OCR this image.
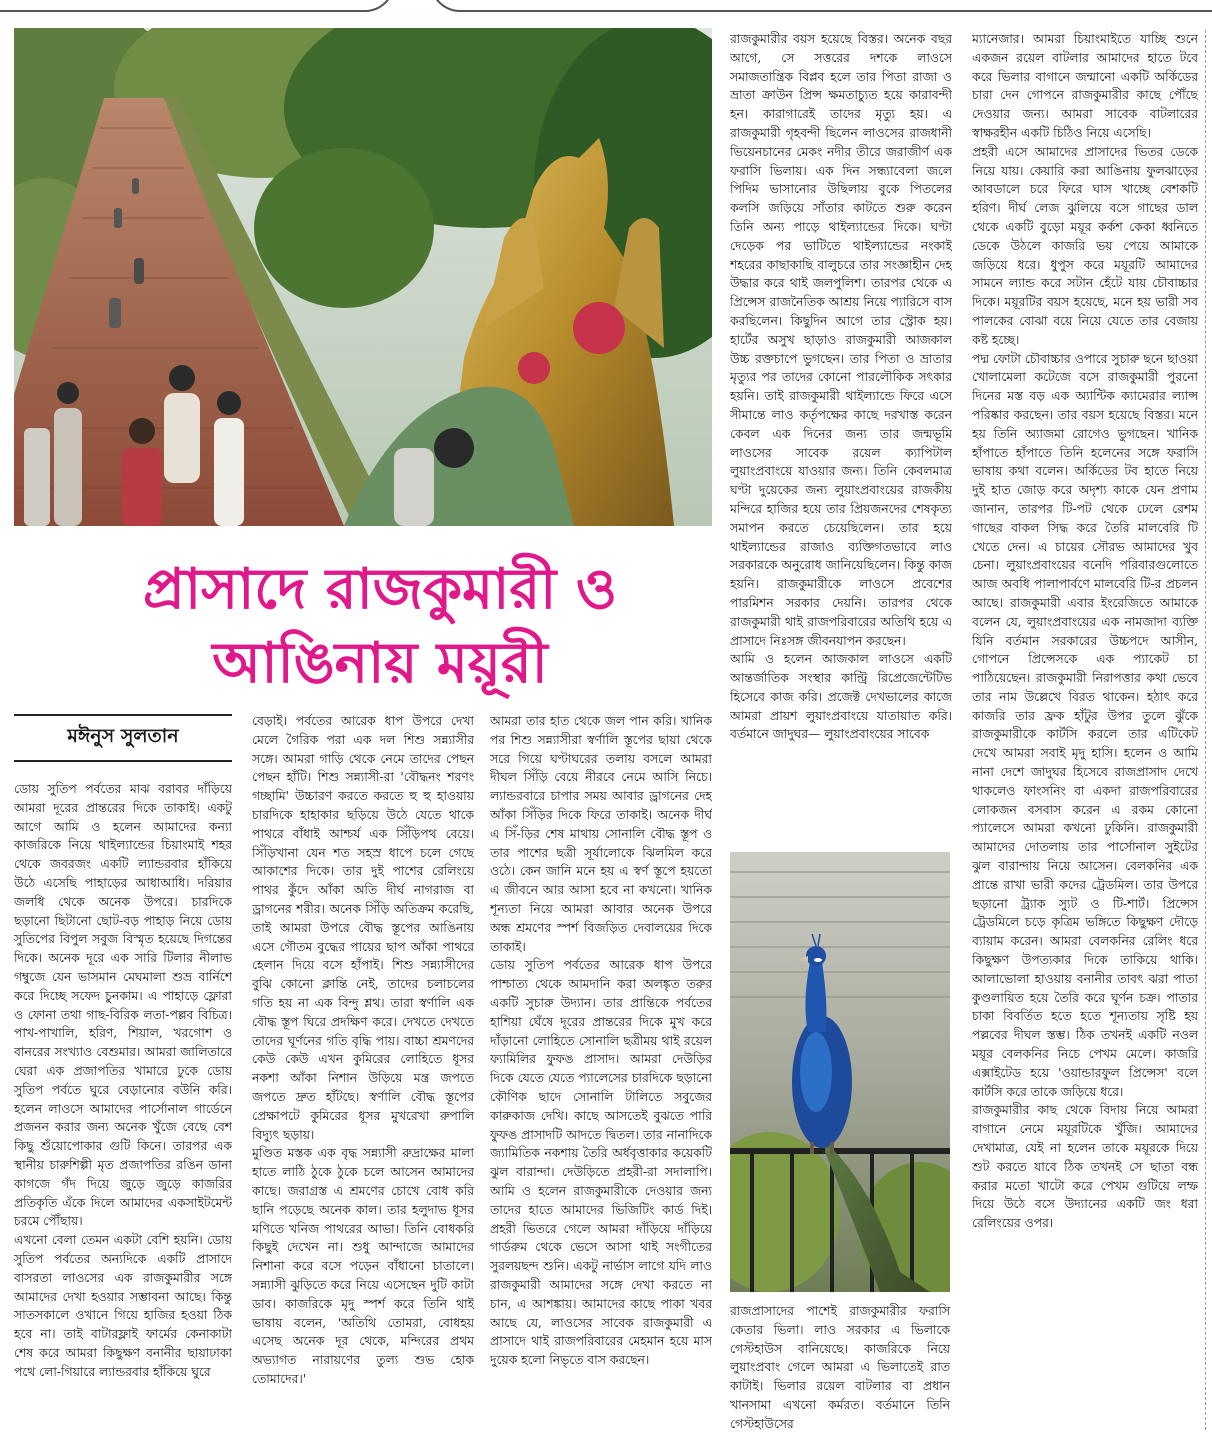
প্রাসাদে রাজকুমারী ও
আঙিনায় ময়ূরী
মঈনুস সুলতান

ডোয় সুতিপ পর্বতের মাঝ বরাবর দাঁড়িয়ে আমরা দূরের প্রান্তরের দিকে তাকাই। একটু আগে আমি ও হলেন আমাদের কন্যা কাজরিকে নিয়ে থাইল্যান্ডের চিয়াংমাই শহর থেকে জবরজং একটি ল্যান্ডরবার হাঁকিয়ে উঠে এসেছি পাহাড়ের আধাআধি। দরিয়ার জলধি থেকে অনেক উপরে। চারদিকে ছড়ানো ছিটানো ছোট-বড় পাহাড় নিয়ে ডোয় সুতিপের বিপুল সবুজ বিস্মৃত হয়েছে দিগন্তের দিকে। অনেক দূরে এক সারি টিলার নীলাভ গম্বুজে যেন ভাসমান মেঘমালা শুভ্র বার্নিশে করে দিচ্ছে সফেদ চুনকাম। এ পাহাড়ে ফ্লোরা ও ফোনা তথা গাছ-বিরিক লতা-পল্লব বিচিত্র। পাখ-পাখালি, হরিণ, শিয়াল, খরগোশ ও বানরের সংখ্যাও বেশুমার। আমরা জালিতারে ঘেরা এক প্রজাপতির খামারে ঢুকে ডোয় সুতিপ পর্বতে ঘুরে বেড়ানোর বউনি করি। হলেন লাওসে আমাদের পার্সোনাল গার্ডেনে প্রজনন করার জন্য অনেক খুঁজে বেছে বেশ কিছু শুঁয়োপোকার গুটি কিনে। তারপর এক স্থানীয় চারুশিল্পী মৃত প্রজাপতির রঙিন ডানা কাগজে গঁদ দিয়ে জুড়ে জুড়ে কাজরির প্রতিকৃতি এঁকে দিলে আমাদের একসাইটমেন্ট চরমে পৌঁছায়।

এখনো বেলা তেমন একটা বেশি হয়নি। ডোয় সুতিপ পর্বতের অন্যদিকে একটি প্রাসাদে বাসরতা লাওসের এক রাজকুমারীর সঙ্গে আমাদের দেখা হওয়ার সম্ভাবনা আছে। কিন্তু সাতসকালে ওখানে গিয়ে হাজির হওয়া ঠিক হবে না। তাই বাটারফ্লাই ফার্মের কেনাকাটা শেষ করে আমরা কিছুক্ষণ বনানীর ছায়াঢাকা পথে লো-গিয়ারে ল্যান্ডরবার হাঁকিয়ে ঘুরে

বেড়াই। পর্বতের আরেক ধাপ উপরে দেখা মেলে গৈরিক পরা এক দল শিশু সন্ন্যাসীর সঙ্গে। আমরা গাড়ি থেকে নেমে তাদের পেছন পেছন হাঁটি। শিশু সন্ন্যাসী-রা 'বৌদ্ধনং শরণং গচ্ছামি' উচ্চারণ করতে করতে হু হু হাওয়ায় চারদিকে হাহাকার ছড়িয়ে উঠে যেতে থাকে পাথরে বাঁধাই আশ্চর্য এক সিঁড়িপথ বেয়ে। সিঁড়িখানা যেন শত সহস্র ধাপে চলে গেছে আকাশের দিকে। তার দুই পাশের রেলিংয়ে পাথর কুঁদে আঁকা অতি দীর্ঘ নাগরাজ বা ড্রাগনের শরীর। অনেক সিঁড়ি অতিক্রম করেছি, তাই আমরা উপরে বৌদ্ধ স্তূপের আঙিনায় এসে গৌতম বুদ্ধের পায়ের ছাপ আঁকা পাথরে হেলান দিয়ে বসে হাঁপাই। শিশু সন্ন্যাসীদের বুঝি কোনো ক্লান্তি নেই, তাদের চলাচলের গতি হয় না এক বিন্দু শ্লথ। তারা স্বর্ণালি এক বৌদ্ধ স্তূপ ঘিরে প্রদক্ষিণ করে। দেখতে দেখতে তাদের ঘূর্ণনের গতি বৃদ্ধি পায়। বাচ্চা শ্রমণদের কেউ কেউ এখন কুমিরের লোহিতে ধূসর নকশা আঁকা নিশান উড়িয়ে মন্ত্র জপতে জপতে দ্রুত হাঁটছে। স্বর্ণালি বৌদ্ধ স্তূপের প্রেক্ষাপটে কুমিরের ধূসর মুখরেখা রুপালি বিদ্যুৎ ছড়ায়।

মুণ্ডিত মস্তক এক বৃদ্ধ সন্ন্যাসী রুদ্রাক্ষের মালা হাতে লাঠি ঠুকে ঠুকে চলে আসেন আমাদের কাছে। জরাগ্রস্ত এ শ্রমণের চোখে বোধ করি ছানি পড়েছে অনেক কাল। তার হলুদাভ ধূসর মণিতে খনিজ পাথরের আভা। তিনি বোধকরি কিছুই দেখেন না। শুধু আন্দাজে আমাদের নিশানা করে বসে পড়েন বাঁধানো চাতালে। সন্ন্যাসী ঝুড়িতে করে নিয়ে এসেছেন দুটি কাটা ডাব। কাজরিকে মৃদু স্পর্শ করে তিনি থাই ভাষায় বলেন, 'অতিথি তোমরা, বোধহয় এসেছ অনেক দূর থেকে, মন্দিরের প্রথম অভ্যাগত নারায়ণের তুল্য শুভ হোক তোমাদের।'

আমরা তার হাত থেকে জল পান করি। খানিক পর শিশু সন্ন্যাসীরা স্বর্ণালি স্তূপের ছায়া থেকে সরে গিয়ে ঘণ্টাঘরের তলায় বসলে আমরা দীঘল সিঁড়ি বেয়ে নীরবে নেমে আসি নিচে। ল্যান্ডরবারে চাপার সময় আবার ড্রাগনের দেহ আঁকা সিঁড়ির দিকে ফিরে তাকাই। অনেক দীর্ঘ এ সিঁ-ড়ির শেষ মাথায় সোনালি বৌদ্ধ স্তূপ ও তার পাশের ছত্রী সূর্যালোকে ঝিলমিল করে ওঠে। কেন জানি মনে হয় এ স্বর্ণ স্তূপে হয়তো এ জীবনে আর আসা হবে না কখনো। খানিক শূন্যতা নিয়ে আমরা আবার অনেক উপরে অন্ধ শ্রমণের স্পর্শ বিজড়িত দেবালয়ের দিকে তাকাই।

ডোয় সুতিপ পর্বতের আরেক ধাপ উপরে পাশ্চাত্য থেকে আমদানি করা অলঙ্কৃত তরুর একটি সুচারু উদ্যান। তার প্রান্তিকে পর্বতের হাশিয়া ঘেঁষে দূরের প্রান্তরের দিকে মুখ করে দাঁড়ানো লোহিতে সোনালি ছত্রীময় থাই রয়েল ফ্যামিলির ফুফঙ প্রাসাদ। আমরা দেউড়ির দিকে যেতে যেতে প্যালেসের চারদিকে ছড়ানো কৌণিক ছাদে সোনালি টালিতে সবুজের কারুকাজ দেখি। কাছে আসতেই বুঝতে পারি ফুফঙ প্রাসাদটি আদতে দ্বিতল। তার নানাদিকে জ্যামিতিক নকশায় তৈরি অর্ধবৃত্তাকার কয়েকটি ঝুল বারান্দা। দেউড়িতে প্রহরী-রা সদালাপি। আমি ও হলেন রাজকুমারীকে দেওয়ার জন্য তাদের হাতে আমাদের ভিজিটিং কার্ড দিই। প্রহরী ভিতরে গেলে আমরা দাঁড়িয়ে দাঁড়িয়ে গার্ডরুম থেকে ভেসে আসা থাই সংগীতের সুরলয়ছন্দ শুনি। একটু নার্ভাস লাগে যদি লাও রাজকুমারী আমাদের সঙ্গে দেখা করতে না চান, এ আশঙ্কায়। আমাদের কাছে পাকা খবর আছে যে, লাওসের সাবেক রাজকুমারী এ প্রাসাদে থাই রাজপরিবারের মেহমান হয়ে মাস দুয়েক হলো নিভৃতে বাস করছেন।

রাজকুমারীর বয়স হয়েছে বিস্তর। অনেক বছর আগে, সে সত্তরের দশকে লাওসে সমাজতান্ত্রিক বিপ্লব হলে তার পিতা রাজা ও ভ্রাতা ক্রাউন প্রিন্স ক্ষমতাচ্যুত হয়ে কারাবন্দী হন। কারাগারেই তাদের মৃত্যু হয়। এ রাজকুমারী গৃহবন্দী ছিলেন লাওসের রাজধানী ভিয়েনচানের মেকং নদীর তীরে জরাজীর্ণ এক ফরাসি ভিলায়। এক দিন সন্ধ্যাবেলা জলে পিদিম ভাসানোর উছিলায় বুকে পিতলের কলসি জড়িয়ে সাঁতার কাটতে শুরু করেন তিনি অন্য পাড়ে থাইল্যান্ডের দিকে। ঘণ্টা দেড়েক পর ভাটিতে থাইল্যান্ডের নংকাই শহরের কাছাকাছি বালুচরে তার সংজ্ঞাহীন দেহ উদ্ধার করে থাই জলপুলিশ। তারপর থেকে এ প্রিন্সেস রাজনৈতিক আশ্রয় নিয়ে প্যারিসে বাস করছিলেন। কিছুদিন আগে তার স্ট্রোক হয়। হার্টের অসুখ ছাড়াও রাজকুমারী আজকাল উচ্চ রক্তচাপে ভুগছেন। তার পিতা ও ভ্রাতার মৃত্যুর পর তাদের কোনো পারলৌকিক সৎকার হয়নি। তাই রাজকুমারী থাইল্যান্ডে ফিরে এসে সীমান্তে লাও কর্তৃপক্ষের কাছে দরখাস্ত করেন কেবল এক দিনের জন্য তার জন্মভূমি লাওসের সাবেক রয়েল ক্যাপিটাল লুয়াংপ্রবাংয়ে যাওয়ার জন্য। তিনি কেবলমাত্র ঘণ্টা দুয়েকের জন্য লুয়াংপ্রবাংয়ের রাজকীয় মন্দিরে হাজির হয়ে তার প্রিয়জনদের শেষকৃত্য সমাপন করতে চেয়েছিলেন। তার হয়ে থাইল্যান্ডের রাজাও ব্যক্তিগতভাবে লাও সরকারকে অনুরোধ জানিয়েছিলেন। কিন্তু কাজ হয়নি। রাজকুমারীকে লাওসে প্রবেশের পারমিশন সরকার দেয়নি। তারপর থেকে রাজকুমারী থাই রাজপরিবারের অতিথি হয়ে এ প্রাসাদে নিঃসঙ্গ জীবনযাপন করছেন।

আমি ও হলেন আজকাল লাওসে একটি আন্তর্জাতিক সংস্থার কান্ট্রি রিপ্রেজেন্টেটিভ হিসেবে কাজ করি। প্রজেক্ট দেখভালের কাজে আমরা প্রায়শ লুয়াংপ্রবাংয়ে যাতায়াত করি। বর্তমানে জাদুঘর— লুয়াংপ্রবাংয়ের সাবেক

রাজপ্রাসাদের পাশেই রাজকুমারীর ফরাসি কেতার ভিলা। লাও সরকার এ ভিলাকে গেস্টহাউস বানিয়েছে। কাজরিকে নিয়ে লুয়াংপ্রবাং গেলে আমরা এ ভিলাতেই রাত কাটাই। ভিলার রয়েল বাটলার বা প্রধান খানসামা এখনো কর্মরত। বর্তমানে তিনি গেস্টহাউসের

ম্যানেজার। আমরা চিয়াংমাইতে যাচ্ছি শুনে একজন রয়েল বাটলার আমাদের হাতে টবে করে ভিলার বাগানে জন্মানো একটি অর্কিডের চারা দেন গোপনে রাজকুমারীর কাছে পৌঁছে দেওয়ার জন্য। আমরা সাবেক বাটলারের স্বাক্ষরহীন একটি চিঠিও নিয়ে এসেছি।

প্রহরী এসে আমাদের প্রাসাদের ভিতর ডেকে নিয়ে যায়। কেয়ারি করা আঙিনায় ফুলঝাড়ের আবডালে চরে ফিরে ঘাস খাচ্ছে বেশকটি হরিণ। দীর্ঘ লেজ ঝুলিয়ে বসে গাছের ডাল থেকে একটি বুড়ো ময়ূর কর্কশ কেকা ধ্বনিতে ডেকে উঠলে কাজরি ভয় পেয়ে আমাকে জড়িয়ে ধরে। ধুপুস করে ময়ূরটি আমাদের সামনে ল্যান্ড করে সটান হেঁটে যায় চৌবাচ্চার দিকে। ময়ূরটির বয়স হয়েছে, মনে হয় ভারী সব পালকের বোঝা বয়ে নিয়ে যেতে তার বেজায় কষ্ট হচ্ছে।

পদ্ম ফোটা চৌবাচ্চার ওপারে সুচারু ছনে ছাওয়া খোলামেলা কটেজে বসে রাজকুমারী পুরনো দিনের মস্ত বড় এক অ্যান্টিক ক্যামেরার ল্যান্স পরিষ্কার করছেন। তার বয়স হয়েছে বিস্তর। মনে হয় তিনি অ্যাজমা রোগেও ভুগছেন। খানিক হাঁপাতে হাঁপাতে তিনি হলেনের সঙ্গে ফরাসি ভাষায় কথা বলেন। অর্কিডের টব হাতে নিয়ে দুই হাত জোড় করে অদৃশ্য কাকে যেন প্রণাম জানান, তারপর টি-পট থেকে ঢেলে রেশম গাছের বাকল সিদ্ধ করে তৈরি মালবেরি টি খেতে দেন। এ চায়ের সৌরভ আমাদের খুব চেনা। লুয়াংপ্রবাংয়ের বনেদি পরিবারগুলোতে আজ অবধি পালাপার্বণে মালবেরি টি-র প্রচলন আছে। রাজকুমারী এবার ইংরেজিতে আমাকে বলেন যে, লুয়াংপ্রবাংয়ের এক নামজাদা ব্যক্তি যিনি বর্তমান সরকারের উচ্চপদে আসীন, গোপনে প্রিন্সেসকে এক প্যাকেট চা পাঠিয়েছেন। রাজকুমারী নিরাপত্তার কথা ভেবে তার নাম উল্লেখে বিরত থাকেন। হঠাৎ করে কাজরি তার ফ্রক হাঁটুর উপর তুলে ঝুঁকে রাজকুমারীকে কার্টসি করলে তার এটিকেট দেখে আমরা সবাই মৃদু হাসি। হলেন ও আমি নানা দেশে জাদুঘর হিসেবে রাজপ্রাসাদ দেখে থাকলেও ফাংসনিং বা একদা রাজপরিবারের লোকজন বসবাস করেন এ রকম কোনো প্যালেসে আমরা কখনো ঢুকিনি। রাজকুমারী আমাদের দোতলায় তার পার্সোনাল সুইটের ঝুল বারান্দায় নিয়ে আসেন। বেলকনির এক প্রান্তে রাখা ভারী কদের ট্রেডমিল। তার উপরে ছড়ানো ট্র্যাক স্যুট ও টি-শার্ট। প্রিন্সেস ট্রেডমিলে চড়ে কৃত্রিম ভঙ্গিতে কিছুক্ষণ দৌড়ে ব্যায়াম করেন। আমরা বেলকনির রেলিং ধরে কিছুক্ষণ উপত্যকার দিকে তাকিয়ে থাকি। আলাভোলা হাওয়ায় বনানীর তাবৎ ঝরা পাতা কুণ্ডলায়িত হয়ে তৈরি করে ঘূর্ণন চক্র। পাতার চাকা বিবর্তিত হতে হতে শূন্যতায় সৃষ্টি হয় পল্লবের দীঘল স্তম্ভ। ঠিক তখনই একটি নওল ময়ূর বেলকনির নিচে পেখম মেলে। কাজরি এক্সাইটেড হয়ে 'ওয়ান্ডারফুল প্রিন্সেস' বলে কার্টসি করে তাকে জড়িয়ে ধরে।

রাজকুমারীর কাছ থেকে বিদায় নিয়ে আমরা বাগানে নেমে ময়ূরটিকে খুঁজি। আমাদের দেখামাত্র, যেই না হলেন তাকে ময়ূরকে দিয়ে শুট করতে যাবে ঠিক তখনই সে ছাতা বন্ধ করার মতো খাটো করে পেখম গুটিয়ে লম্ফ দিয়ে উঠে বসে উদ্যানের একটি জং ধরা রেলিংয়ের ওপর।
